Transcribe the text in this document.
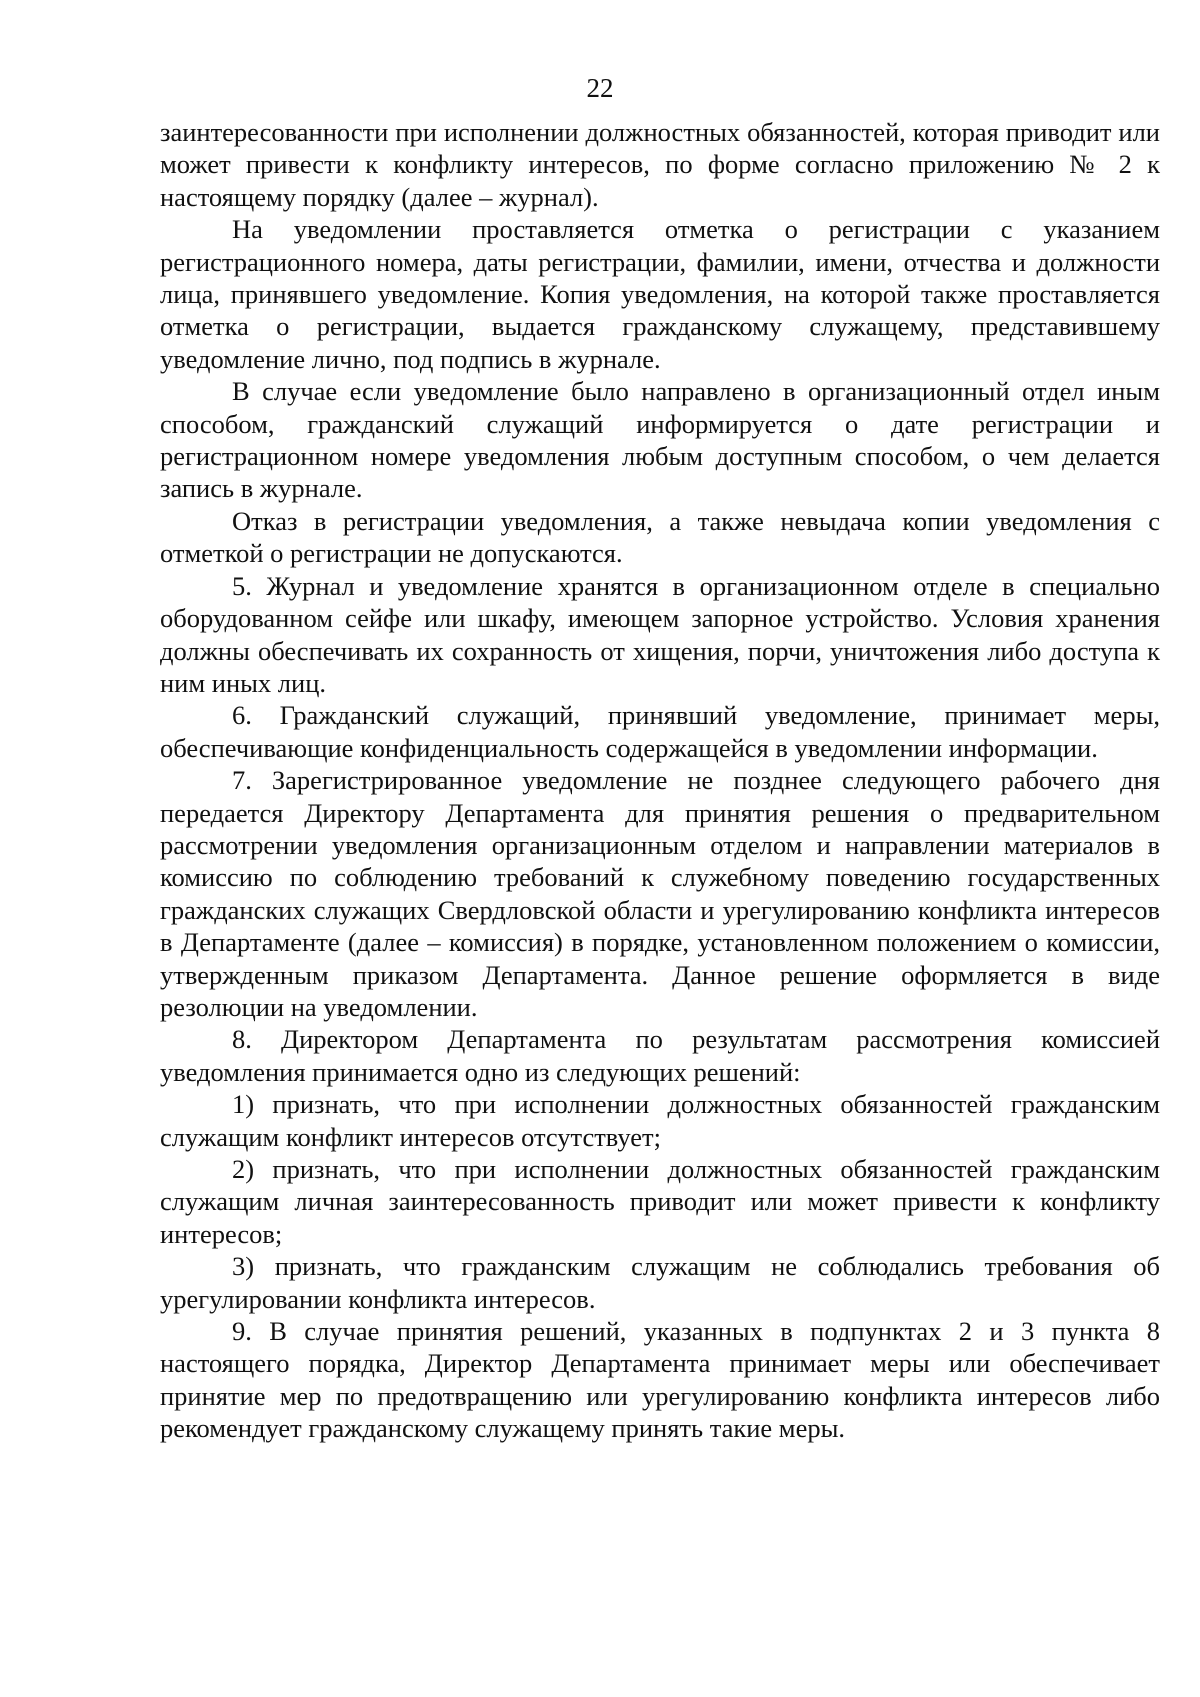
22

заинтересованности при исполнении должностных обязанностей, которая приводит или может привести к конфликту интересов, по форме согласно приложению № 2 к настоящему порядку (далее – журнал).

На уведомлении проставляется отметка о регистрации с указанием регистрационного номера, даты регистрации, фамилии, имени, отчества и должности лица, принявшего уведомление. Копия уведомления, на которой также проставляется отметка о регистрации, выдается гражданскому служащему, представившему уведомление лично, под подпись в журнале.

В случае если уведомление было направлено в организационный отдел иным способом, гражданский служащий информируется о дате регистрации и регистрационном номере уведомления любым доступным способом, о чем делается запись в журнале.

Отказ в регистрации уведомления, а также невыдача копии уведомления с отметкой о регистрации не допускаются.

5. Журнал и уведомление хранятся в организационном отделе в специально оборудованном сейфе или шкафу, имеющем запорное устройство. Условия хранения должны обеспечивать их сохранность от хищения, порчи, уничтожения либо доступа к ним иных лиц.

6. Гражданский служащий, принявший уведомление, принимает меры, обеспечивающие конфиденциальность содержащейся в уведомлении информации.

7. Зарегистрированное уведомление не позднее следующего рабочего дня передается Директору Департамента для принятия решения о предварительном рассмотрении уведомления организационным отделом и направлении материалов в комиссию по соблюдению требований к служебному поведению государственных гражданских служащих Свердловской области и урегулированию конфликта интересов в Департаменте (далее – комиссия) в порядке, установленном положением о комиссии, утвержденным приказом Департамента. Данное решение оформляется в виде резолюции на уведомлении.

8. Директором Департамента по результатам рассмотрения комиссией уведомления принимается одно из следующих решений:

1) признать, что при исполнении должностных обязанностей гражданским служащим конфликт интересов отсутствует;

2) признать, что при исполнении должностных обязанностей гражданским служащим личная заинтересованность приводит или может привести к конфликту интересов;

3) признать, что гражданским служащим не соблюдались требования об урегулировании конфликта интересов.

9. В случае принятия решений, указанных в подпунктах 2 и 3 пункта 8 настоящего порядка, Директор Департамента принимает меры или обеспечивает принятие мер по предотвращению или урегулированию конфликта интересов либо рекомендует гражданскому служащему принять такие меры.
